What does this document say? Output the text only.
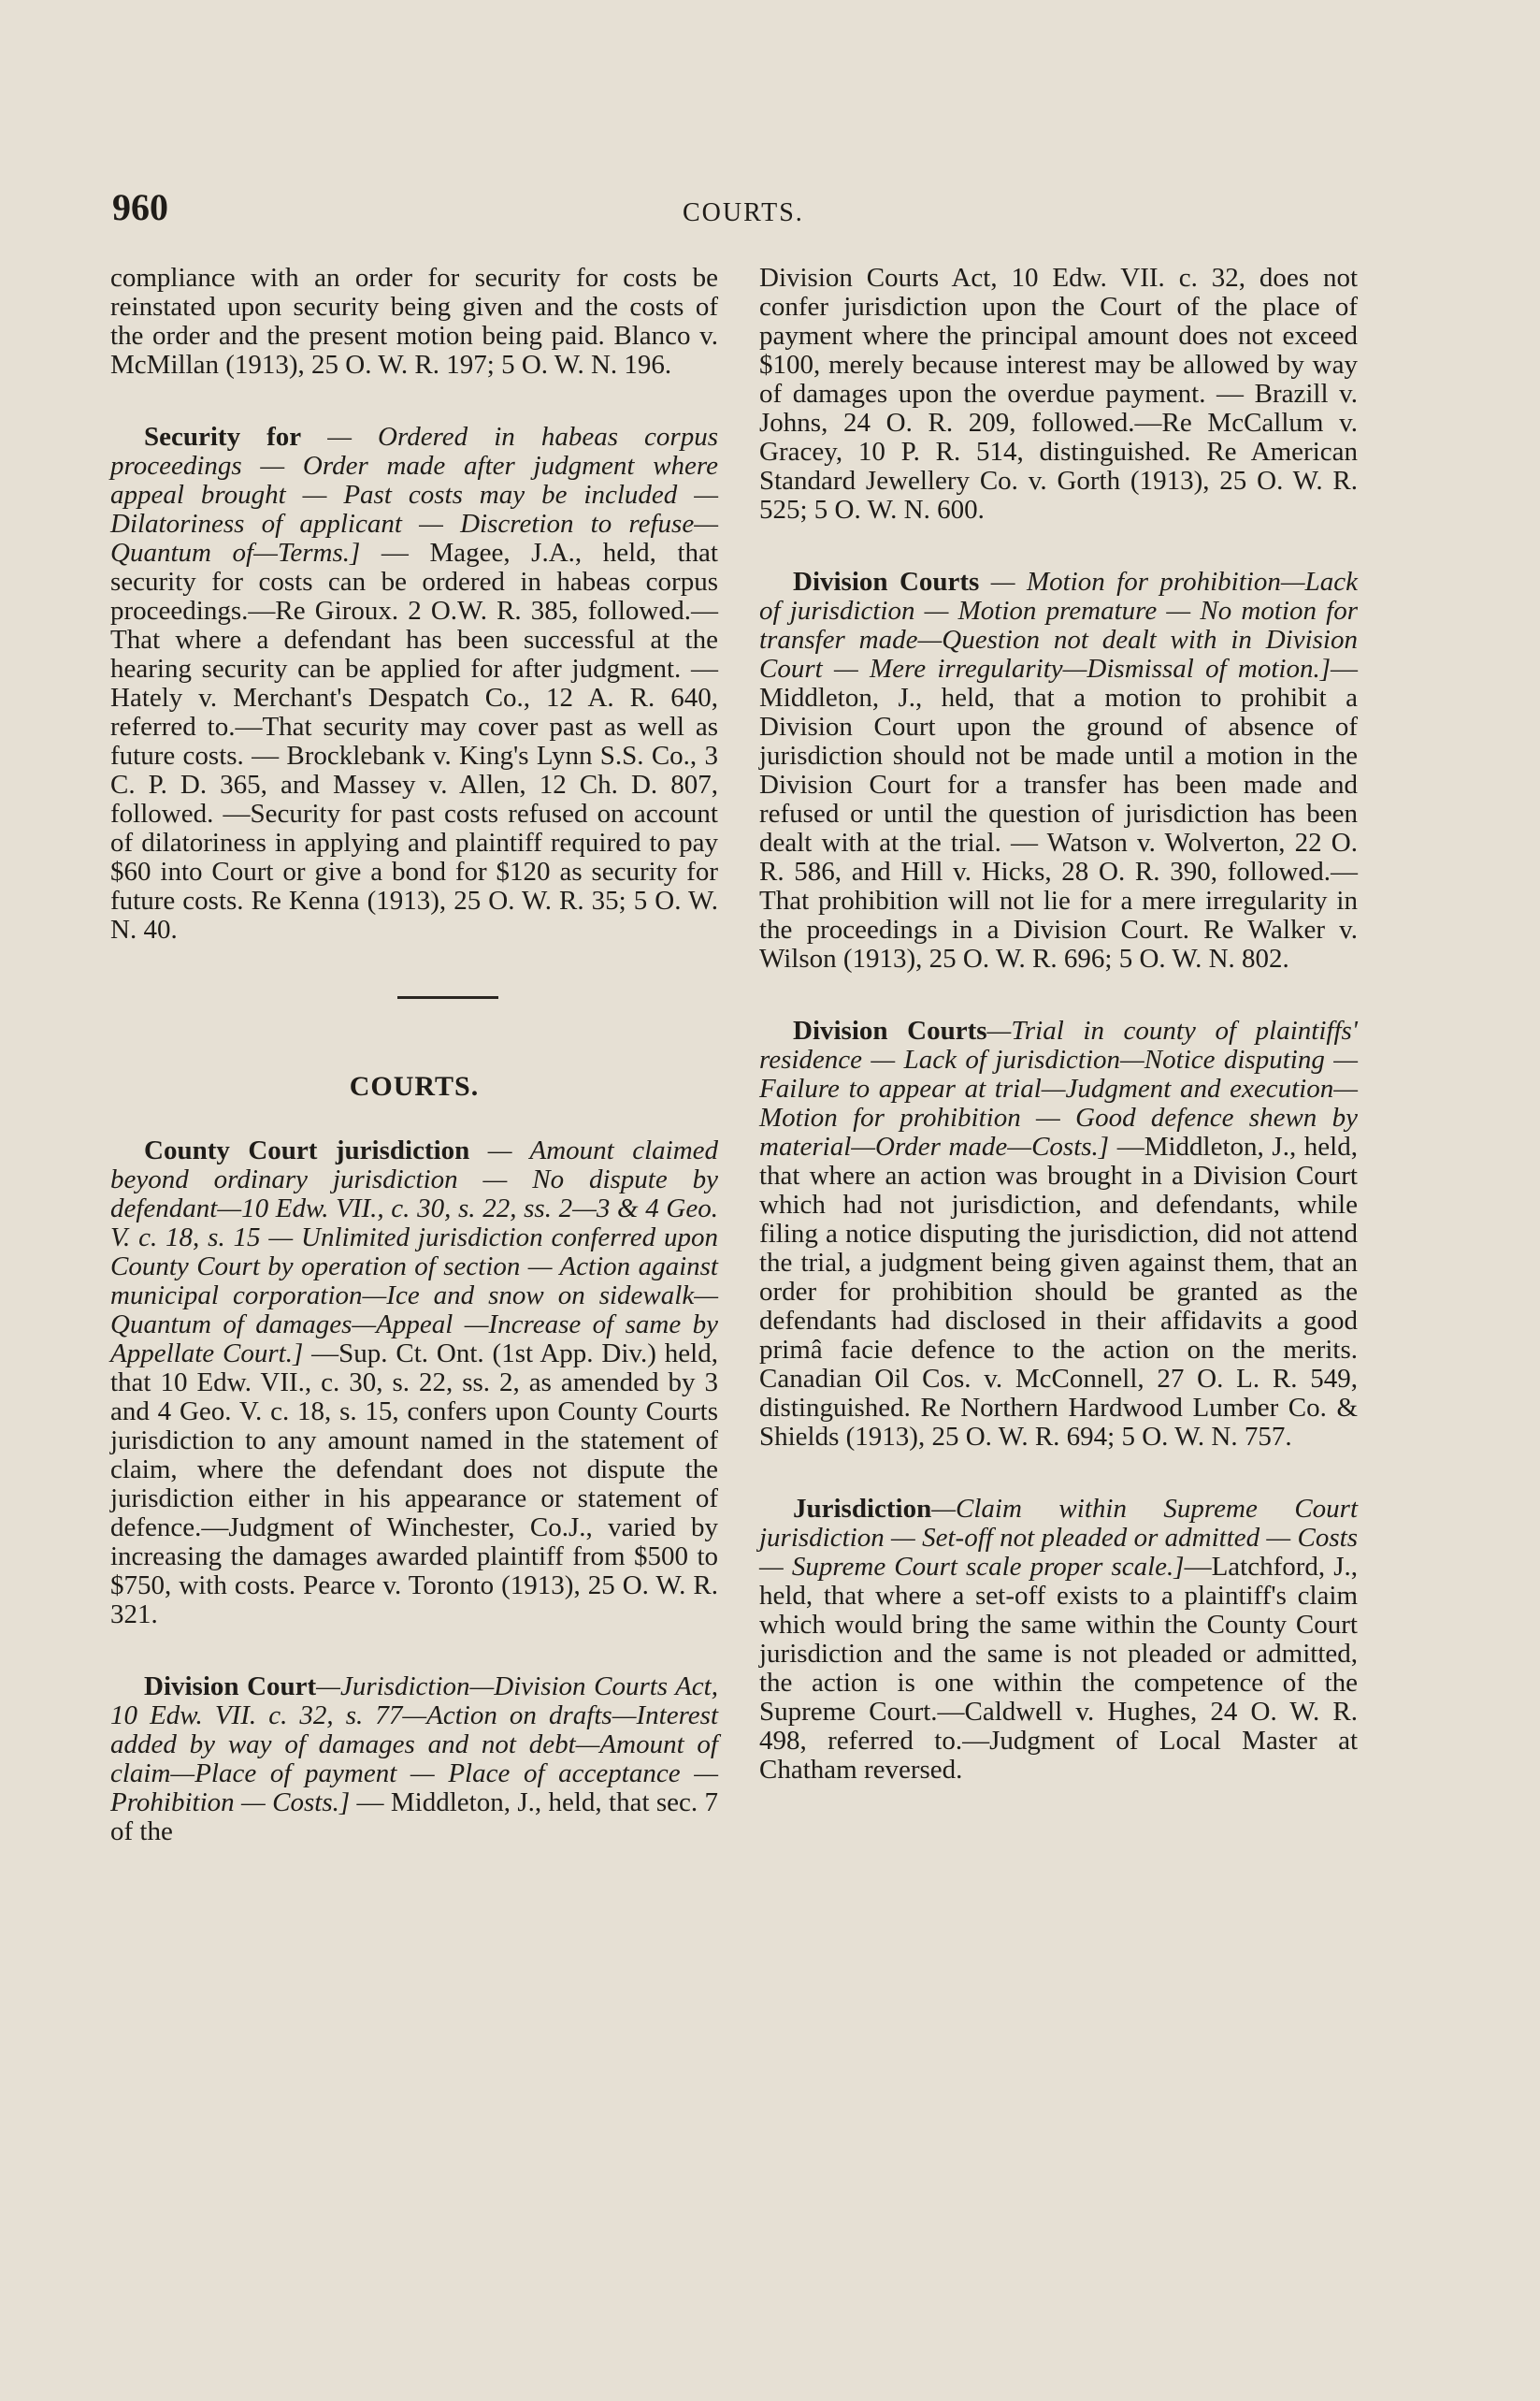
960	COURTS.

compliance with an order for security for costs be reinstated upon security being given and the costs of the order and the present motion being paid. Blanco v. McMillan (1913), 25 O. W. R. 197; 5 O. W. N. 196.

Security for — Ordered in habeas corpus proceedings — Order made after judgment where appeal brought — Past costs may be included — Dilatoriness of applicant — Discretion to refuse—Quantum of—Terms.] — Magee, J.A., held, that security for costs can be ordered in habeas corpus proceedings.—Re Giroux. 2 O.W. R. 385, followed.—That where a defendant has been successful at the hearing security can be applied for after judgment. — Hately v. Merchant's Despatch Co., 12 A. R. 640, referred to.—That security may cover past as well as future costs. — Brocklebank v. King's Lynn S.S. Co., 3 C. P. D. 365, and Massey v. Allen, 12 Ch. D. 807, followed. —Security for past costs refused on account of dilatoriness in applying and plaintiff required to pay $60 into Court or give a bond for $120 as security for future costs. Re Kenna (1913), 25 O. W. R. 35; 5 O. W. N. 40.

COURTS.

County Court jurisdiction — Amount claimed beyond ordinary jurisdiction — No dispute by defendant—10 Edw. VII., c. 30, s. 22, ss. 2—3 & 4 Geo. V. c. 18, s. 15 — Unlimited jurisdiction conferred upon County Court by operation of section — Action against municipal corporation—Ice and snow on sidewalk—Quantum of damages—Appeal —Increase of same by Appellate Court.] —Sup. Ct. Ont. (1st App. Div.) held, that 10 Edw. VII., c. 30, s. 22, ss. 2, as amended by 3 and 4 Geo. V. c. 18, s. 15, confers upon County Courts jurisdiction to any amount named in the statement of claim, where the defendant does not dispute the jurisdiction either in his appearance or statement of defence.—Judgment of Winchester, Co.J., varied by increasing the damages awarded plaintiff from $500 to $750, with costs. Pearce v. Toronto (1913), 25 O. W. R. 321.

Division Court—Jurisdiction—Division Courts Act, 10 Edw. VII. c. 32, s. 77—Action on drafts—Interest added by way of damages and not debt—Amount of claim—Place of payment — Place of acceptance — Prohibition — Costs.] — Middleton, J., held, that sec. 7 of the

Division Courts Act, 10 Edw. VII. c. 32, does not confer jurisdiction upon the Court of the place of payment where the principal amount does not exceed $100, merely because interest may be allowed by way of damages upon the overdue payment. — Brazill v. Johns, 24 O. R. 209, followed.—Re McCallum v. Gracey, 10 P. R. 514, distinguished. Re American Standard Jewellery Co. v. Gorth (1913), 25 O. W. R. 525; 5 O. W. N. 600.

Division Courts — Motion for prohibition—Lack of jurisdiction — Motion premature — No motion for transfer made—Question not dealt with in Division Court — Mere irregularity—Dismissal of motion.]—Middleton, J., held, that a motion to prohibit a Division Court upon the ground of absence of jurisdiction should not be made until a motion in the Division Court for a transfer has been made and refused or until the question of jurisdiction has been dealt with at the trial. — Watson v. Wolverton, 22 O. R. 586, and Hill v. Hicks, 28 O. R. 390, followed.—That prohibition will not lie for a mere irregularity in the proceedings in a Division Court. Re Walker v. Wilson (1913), 25 O. W. R. 696; 5 O. W. N. 802.

Division Courts—Trial in county of plaintiffs' residence — Lack of jurisdiction—Notice disputing — Failure to appear at trial—Judgment and execution—Motion for prohibition — Good defence shewn by material—Order made—Costs.] —Middleton, J., held, that where an action was brought in a Division Court which had not jurisdiction, and defendants, while filing a notice disputing the jurisdiction, did not attend the trial, a judgment being given against them, that an order for prohibition should be granted as the defendants had disclosed in their affidavits a good primâ facie defence to the action on the merits. Canadian Oil Cos. v. McConnell, 27 O. L. R. 549, distinguished. Re Northern Hardwood Lumber Co. & Shields (1913), 25 O. W. R. 694; 5 O. W. N. 757.

Jurisdiction—Claim within Supreme Court jurisdiction — Set-off not pleaded or admitted — Costs — Supreme Court scale proper scale.]—Latchford, J., held, that where a set-off exists to a plaintiff's claim which would bring the same within the County Court jurisdiction and the same is not pleaded or admitted, the action is one within the competence of the Supreme Court.—Caldwell v. Hughes, 24 O. W. R. 498, referred to.—Judgment of Local Master at Chatham reversed.
